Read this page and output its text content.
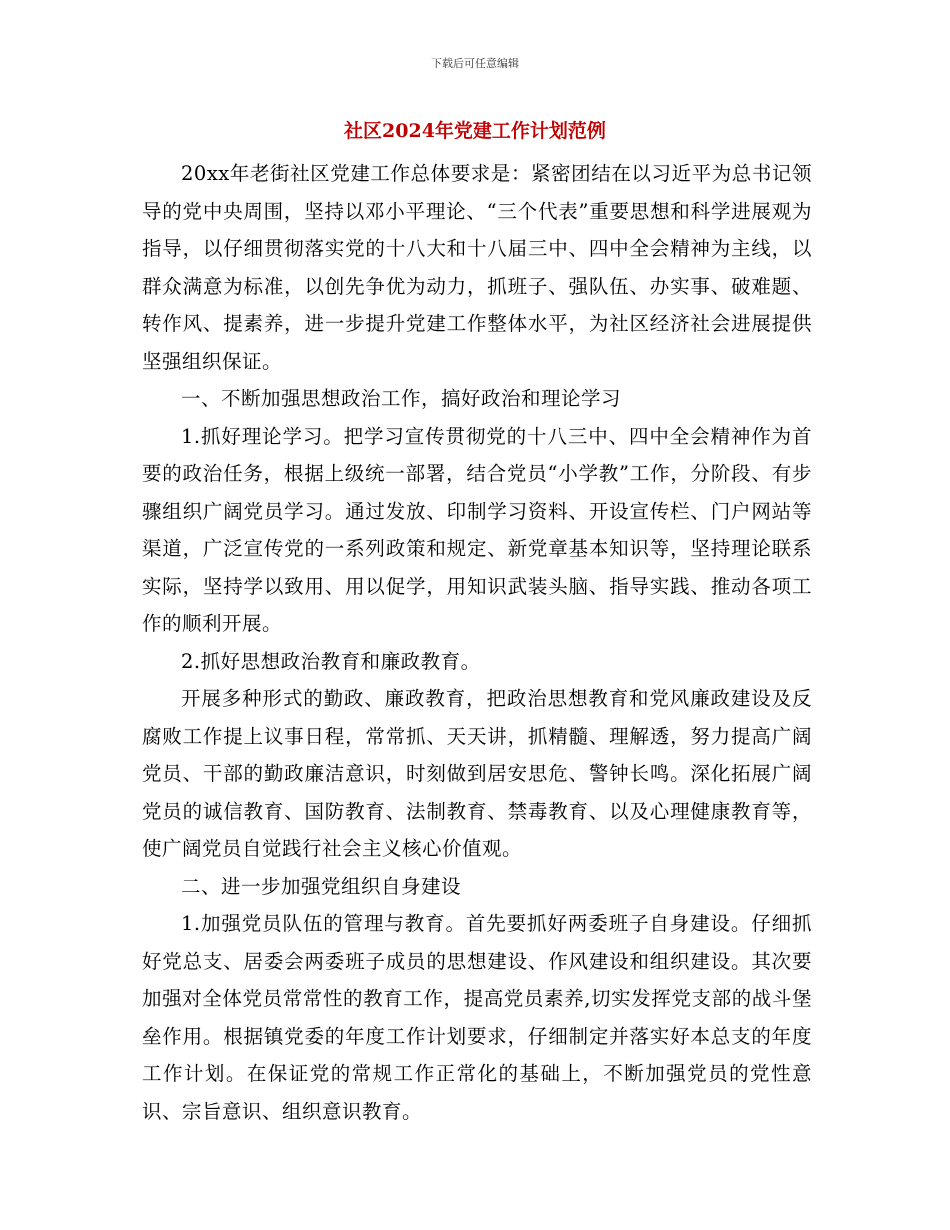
下载后可任意编辑
社区2024年党建工作计划范例

20xx年老街社区党建工作总体要求是：紧密团结在以习近平为总书记领导的党中央周围，坚持以邓小平理论、“三个代表”重要思想和科学进展观为指导，以仔细贯彻落实党的十八大和十八届三中、四中全会精神为主线，以群众满意为标准，以创先争优为动力，抓班子、强队伍、办实事、破难题、转作风、提素养，进一步提升党建工作整体水平，为社区经济社会进展提供坚强组织保证。

一、不断加强思想政治工作，搞好政治和理论学习

1.抓好理论学习。把学习宣传贯彻党的十八三中、四中全会精神作为首要的政治任务，根据上级统一部署，结合党员“小学教”工作，分阶段、有步骤组织广阔党员学习。通过发放、印制学习资料、开设宣传栏、门户网站等渠道，广泛宣传党的一系列政策和规定、新党章基本知识等，坚持理论联系实际，坚持学以致用、用以促学，用知识武装头脑、指导实践、推动各项工作的顺利开展。

2.抓好思想政治教育和廉政教育。

开展多种形式的勤政、廉政教育，把政治思想教育和党风廉政建设及反腐败工作提上议事日程，常常抓、天天讲，抓精髓、理解透，努力提高广阔党员、干部的勤政廉洁意识，时刻做到居安思危、警钟长鸣。深化拓展广阔党员的诚信教育、国防教育、法制教育、禁毒教育、以及心理健康教育等，使广阔党员自觉践行社会主义核心价值观。

二、进一步加强党组织自身建设

1.加强党员队伍的管理与教育。首先要抓好两委班子自身建设。仔细抓好党总支、居委会两委班子成员的思想建设、作风建设和组织建设。其次要加强对全体党员常常性的教育工作，提高党员素养,切实发挥党支部的战斗堡垒作用。根据镇党委的年度工作计划要求，仔细制定并落实好本总支的年度工作计划。在保证党的常规工作正常化的基础上，不断加强党员的党性意识、宗旨意识、组织意识教育。
